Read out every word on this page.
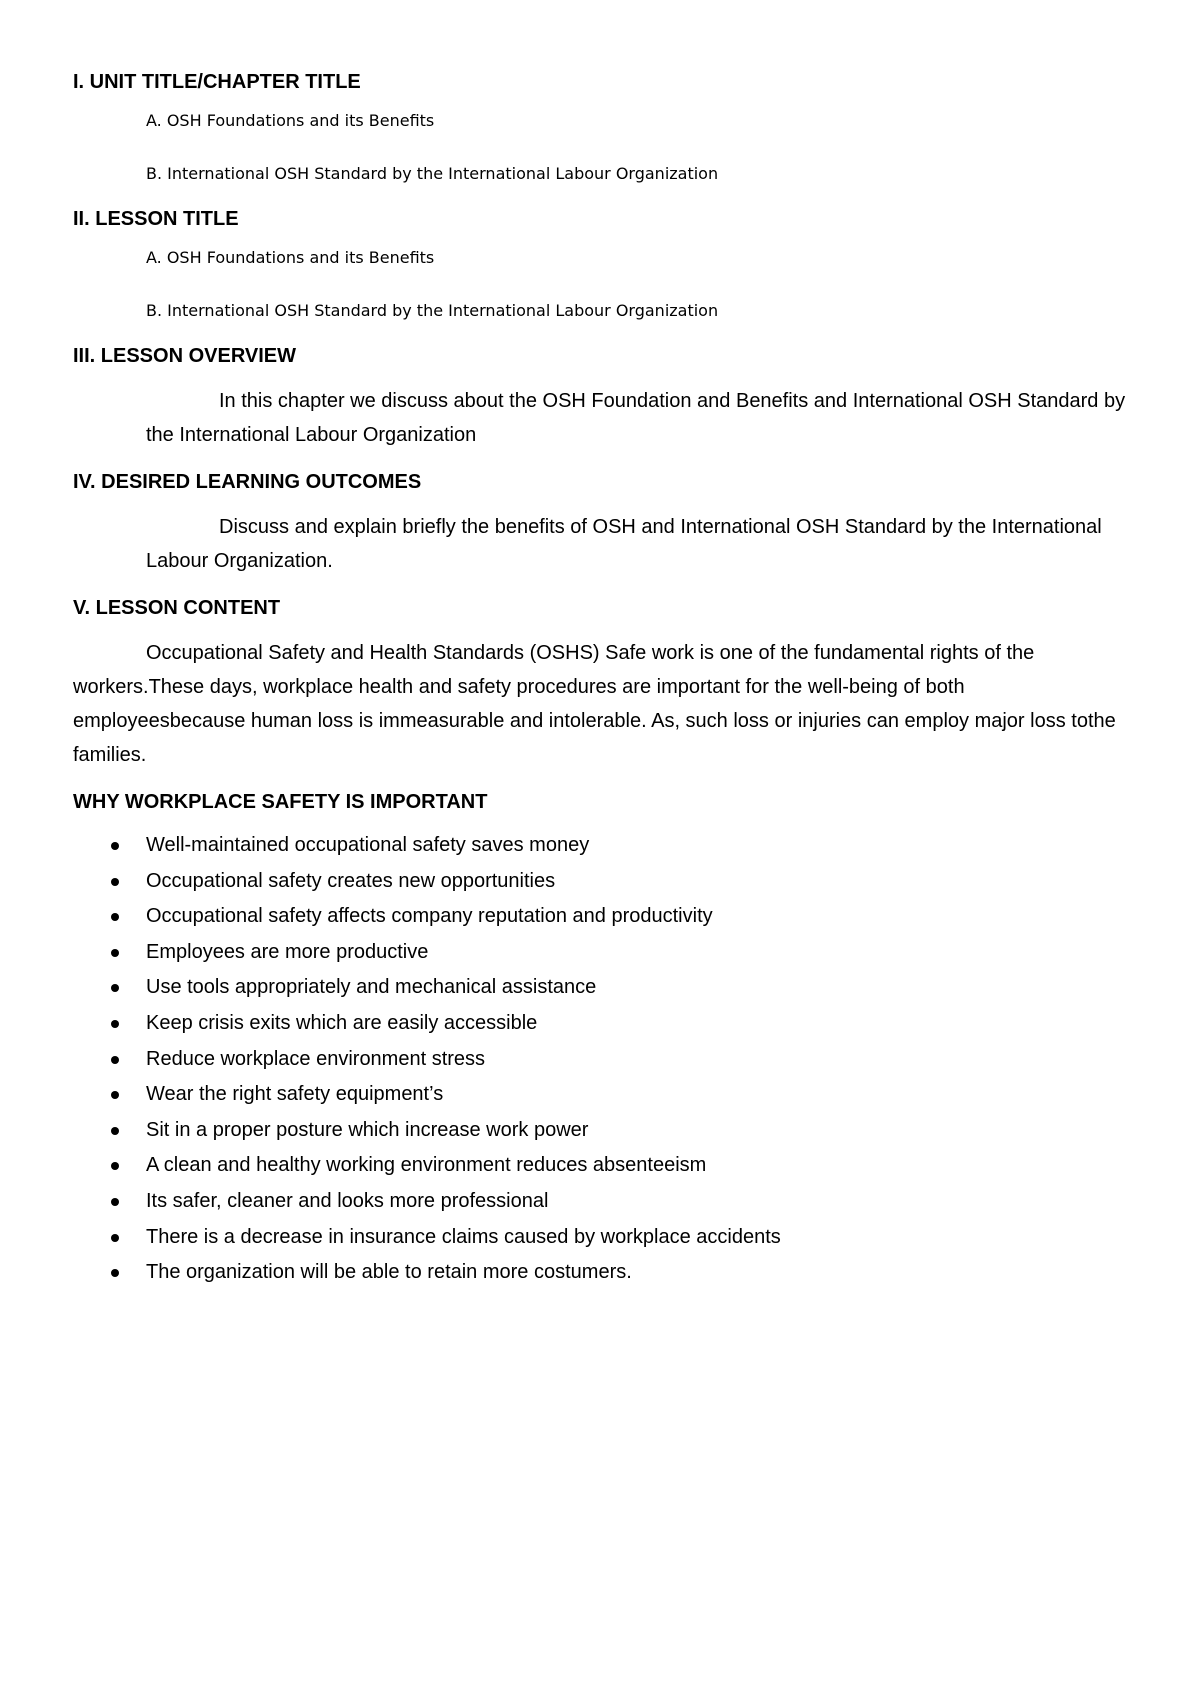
I. UNIT TITLE/CHAPTER TITLE
A. OSH Foundations and its Benefits
B. International OSH Standard by the International Labour Organization
II. LESSON TITLE
A. OSH Foundations and its Benefits
B. International OSH Standard by the International Labour Organization
III. LESSON OVERVIEW

In this chapter we discuss about the OSH Foundation and Benefits and International OSH Standard by the International Labour Organization

IV. DESIRED LEARNING OUTCOMES

Discuss and explain briefly the benefits of OSH and International OSH Standard by the International Labour Organization.

V. LESSON CONTENT

Occupational Safety and Health Standards (OSHS) Safe work is one of the fundamental rights of the workers.These days, workplace health and safety procedures are important for the well-being of both employeesbecause human loss is immeasurable and intolerable. As, such loss or injuries can employ major loss tothe families.

WHY WORKPLACE SAFETY IS IMPORTANT
Well-maintained occupational safety saves money
Occupational safety creates new opportunities
Occupational safety affects company reputation and productivity
Employees are more productive
Use tools appropriately and mechanical assistance
Keep crisis exits which are easily accessible
Reduce workplace environment stress
Wear the right safety equipment’s
Sit in a proper posture which increase work power
A clean and healthy working environment reduces absenteeism
Its safer, cleaner and looks more professional
There is a decrease in insurance claims caused by workplace accidents
The organization will be able to retain more costumers.
